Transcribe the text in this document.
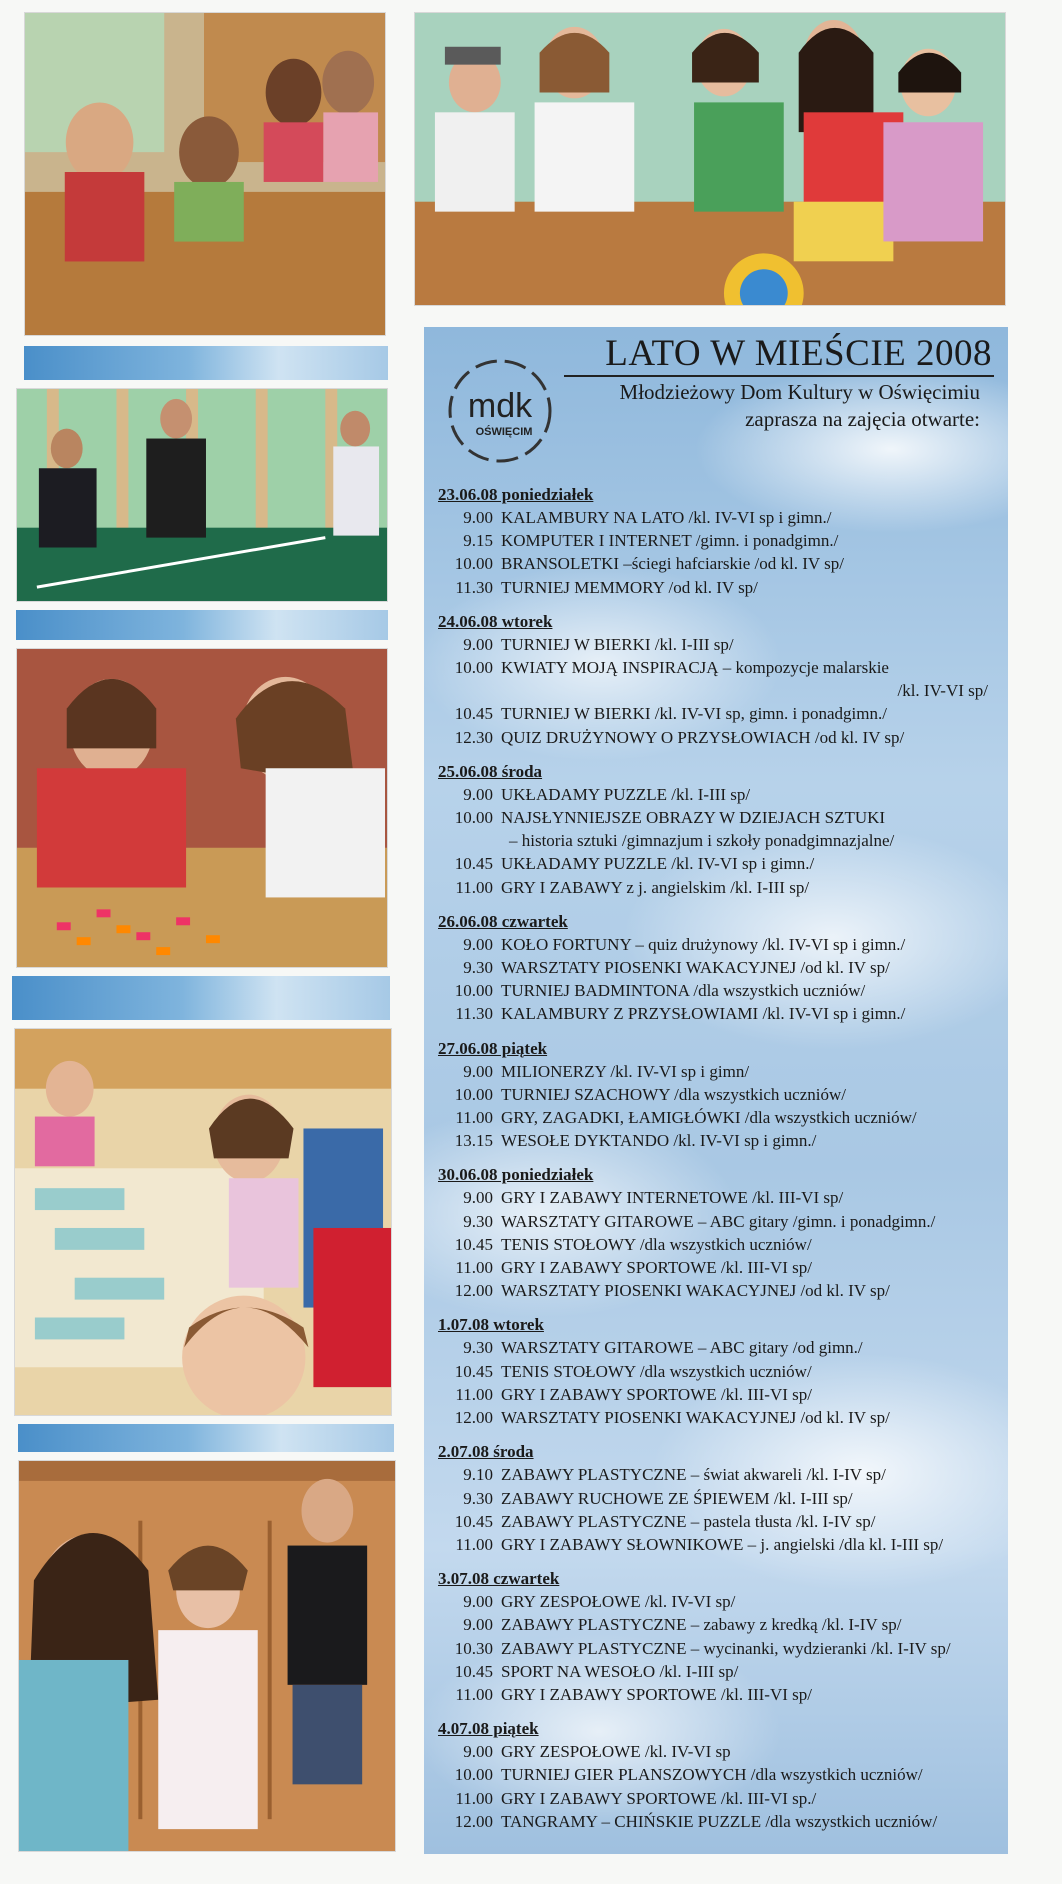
mdk
OŚWIĘCIM
LATO W MIEŚCIE 2008
Młodzieżowy Dom Kultury w Oświęcimiu
zaprasza na zajęcia otwarte:
23.06.08 poniedziałek
9.00 KALAMBURY NA LATO /kl. IV-VI sp i gimn./
9.15 KOMPUTER I INTERNET /gimn. i ponadgimn./
10.00 BRANSOLETKI –ściegi hafciarskie /od kl. IV sp/
11.30 TURNIEJ MEMMORY /od kl. IV sp/
24.06.08 wtorek
9.00 TURNIEJ W BIERKI /kl. I-III sp/
10.00 KWIATY MOJĄ INSPIRACJĄ – kompozycje malarskie
/kl. IV-VI sp/
10.45 TURNIEJ W BIERKI /kl. IV-VI sp, gimn. i ponadgimn./
12.30 QUIZ DRUŻYNOWY O PRZYSŁOWIACH /od kl. IV sp/
25.06.08 środa
9.00 UKŁADAMY PUZZLE /kl. I-III sp/
10.00 NAJSŁYNNIEJSZE OBRAZY W DZIEJACH SZTUKI
– historia sztuki /gimnazjum i szkoły ponadgimnazjalne/
10.45 UKŁADAMY PUZZLE /kl. IV-VI sp i gimn./
11.00 GRY I ZABAWY z j. angielskim /kl. I-III sp/
26.06.08 czwartek
9.00 KOŁO FORTUNY – quiz drużynowy /kl. IV-VI sp i gimn./
9.30 WARSZTATY PIOSENKI WAKACYJNEJ /od kl. IV sp/
10.00 TURNIEJ BADMINTONA /dla wszystkich uczniów/
11.30 KALAMBURY Z PRZYSŁOWIAMI /kl. IV-VI sp i gimn./
27.06.08 piątek
9.00 MILIONERZY /kl. IV-VI sp i gimn/
10.00 TURNIEJ SZACHOWY /dla wszystkich uczniów/
11.00 GRY, ZAGADKI, ŁAMIGŁÓWKI /dla wszystkich uczniów/
13.15 WESOŁE DYKTANDO /kl. IV-VI sp i gimn./
30.06.08 poniedziałek
9.00 GRY I ZABAWY INTERNETOWE /kl. III-VI sp/
9.30 WARSZTATY GITAROWE – ABC gitary /gimn. i ponadgimn./
10.45 TENIS STOŁOWY /dla wszystkich uczniów/
11.00 GRY I ZABAWY SPORTOWE /kl. III-VI sp/
12.00 WARSZTATY PIOSENKI WAKACYJNEJ /od kl. IV sp/
1.07.08 wtorek
9.30 WARSZTATY GITAROWE – ABC gitary /od gimn./
10.45 TENIS STOŁOWY /dla wszystkich uczniów/
11.00 GRY I ZABAWY SPORTOWE /kl. III-VI sp/
12.00 WARSZTATY PIOSENKI WAKACYJNEJ /od kl. IV sp/
2.07.08 środa
9.10 ZABAWY PLASTYCZNE – świat akwareli /kl. I-IV sp/
9.30 ZABAWY RUCHOWE ZE ŚPIEWEM /kl. I-III sp/
10.45 ZABAWY PLASTYCZNE – pastela tłusta /kl. I-IV sp/
11.00 GRY I ZABAWY SŁOWNIKOWE – j. angielski /dla kl. I-III sp/
3.07.08 czwartek
9.00 GRY ZESPOŁOWE /kl. IV-VI sp/
9.00 ZABAWY PLASTYCZNE – zabawy z kredką /kl. I-IV sp/
10.30 ZABAWY PLASTYCZNE – wycinanki, wydzieranki /kl. I-IV sp/
10.45 SPORT NA WESOŁO /kl. I-III sp/
11.00 GRY I ZABAWY SPORTOWE /kl. III-VI sp/
4.07.08 piątek
9.00 GRY ZESPOŁOWE /kl. IV-VI sp
10.00 TURNIEJ GIER PLANSZOWYCH /dla wszystkich uczniów/
11.00 GRY I ZABAWY SPORTOWE /kl. III-VI sp./
12.00 TANGRAMY – CHIŃSKIE PUZZLE /dla wszystkich uczniów/
